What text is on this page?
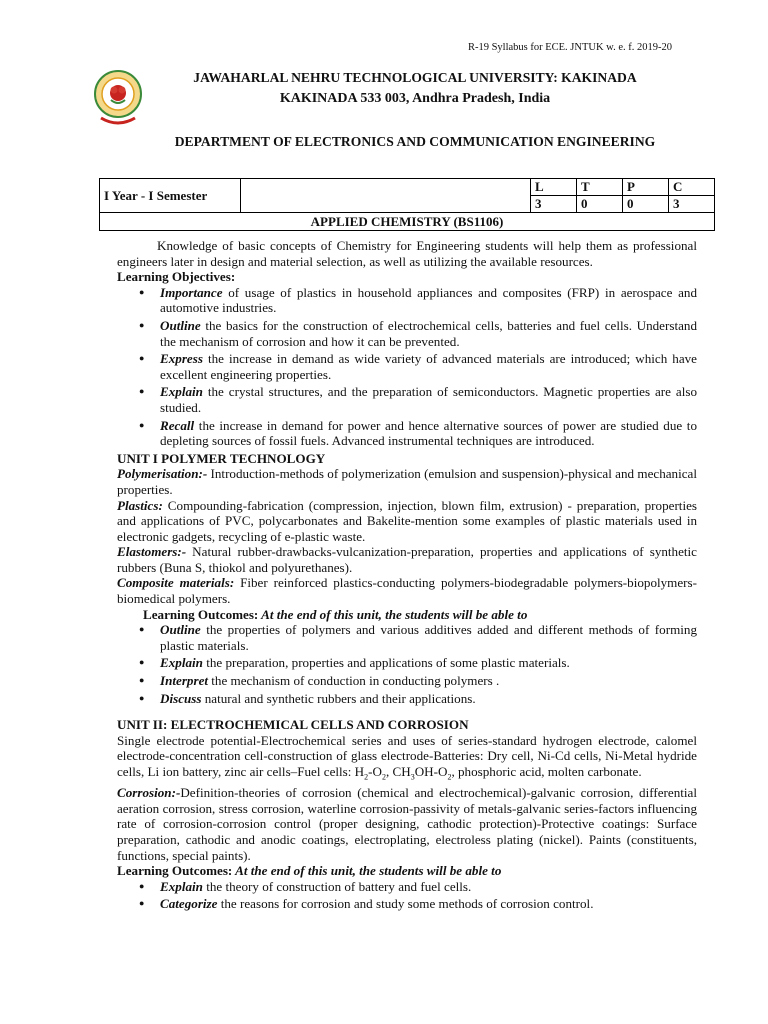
R-19 Syllabus for ECE. JNTUK w. e. f. 2019-20
JAWAHARLAL NEHRU TECHNOLOGICAL UNIVERSITY: KAKINADA
KAKINADA 533 003, Andhra Pradesh, India
DEPARTMENT OF ELECTRONICS AND COMMUNICATION ENGINEERING
I Year - I Semester		L	T	P	C
		3	0	0	3
APPLIED CHEMISTRY (BS1106)					

Knowledge of basic concepts of Chemistry for Engineering students will help them as professional engineers later in design and material selection, as well as utilizing the available resources.

Learning Objectives:
● Importance of usage of plastics in household appliances and composites (FRP) in aerospace and automotive industries.
● Outline the basics for the construction of electrochemical cells, batteries and fuel cells. Understand the mechanism of corrosion and how it can be prevented.
● Express the increase in demand as wide variety of advanced materials are introduced; which have excellent engineering properties.
● Explain the crystal structures, and the preparation of semiconductors. Magnetic properties are also studied.
● Recall the increase in demand for power and hence alternative sources of power are studied due to depleting sources of fossil fuels. Advanced instrumental techniques are introduced.
UNIT I POLYMER TECHNOLOGY

Polymerisation:- Introduction-methods of polymerization (emulsion and suspension)-physical and mechanical properties.

Plastics: Compounding-fabrication (compression, injection, blown film, extrusion) - preparation, properties and applications of PVC, polycarbonates and Bakelite-mention some examples of plastic materials used in electronic gadgets, recycling of e-plastic waste.

Elastomers:- Natural rubber-drawbacks-vulcanization-preparation, properties and applications of synthetic rubbers (Buna S, thiokol and polyurethanes).

Composite materials: Fiber reinforced plastics-conducting polymers-biodegradable polymers-biopolymers-biomedical polymers.

Learning Outcomes: At the end of this unit, the students will be able to
● Outline the properties of polymers and various additives added and different methods of forming plastic materials.
● Explain the preparation, properties and applications of some plastic materials.
● Interpret the mechanism of conduction in conducting polymers .
● Discuss natural and synthetic rubbers and their applications.
UNIT II: ELECTROCHEMICAL CELLS AND CORROSION

Single electrode potential-Electrochemical series and uses of series-standard hydrogen electrode, calomel electrode-concentration cell-construction of glass electrode-Batteries: Dry cell, Ni-Cd cells, Ni-Metal hydride cells, Li ion battery, zinc air cells–Fuel cells: $H_2-O_2$, $CH_3OH-O_2$, phosphoric acid, molten carbonate.

Corrosion:-Definition-theories of corrosion (chemical and electrochemical)-galvanic corrosion, differential aeration corrosion, stress corrosion, waterline corrosion-passivity of metals-galvanic series-factors influencing rate of corrosion-corrosion control (proper designing, cathodic protection)-Protective coatings: Surface preparation, cathodic and anodic coatings, electroplating, electroless plating (nickel). Paints (constituents, functions, special paints).

Learning Outcomes: At the end of this unit, the students will be able to
● Explain the theory of construction of battery and fuel cells.
● Categorize the reasons for corrosion and study some methods of corrosion control.
